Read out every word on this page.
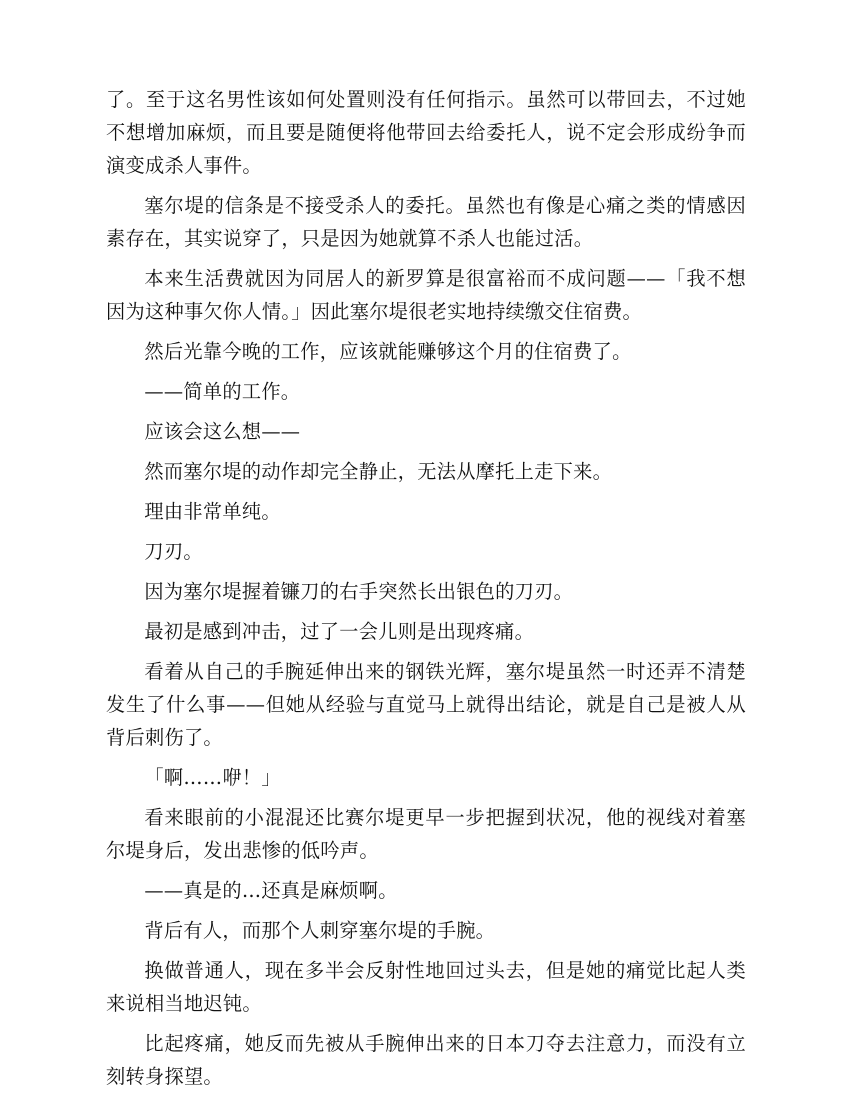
了。至于这名男性该如何处置则没有任何指示。虽然可以带回去，不过她不想增加麻烦，而且要是随便将他带回去给委托人，说不定会形成纷争而演变成杀人事件。

塞尔堤的信条是不接受杀人的委托。虽然也有像是心痛之类的情感因素存在，其实说穿了，只是因为她就算不杀人也能过活。

本来生活费就因为同居人的新罗算是很富裕而不成问题——「我不想因为这种事欠你人情。」因此塞尔堤很老实地持续缴交住宿费。

然后光靠今晚的工作，应该就能赚够这个月的住宿费了。

——简单的工作。

应该会这么想——

然而塞尔堤的动作却完全静止，无法从摩托上走下来。

理由非常单纯。

刀刃。

因为塞尔堤握着镰刀的右手突然长出银色的刀刃。

最初是感到冲击，过了一会儿则是出现疼痛。

看着从自己的手腕延伸出来的钢铁光辉，塞尔堤虽然一时还弄不清楚发生了什么事——但她从经验与直觉马上就得出结论，就是自己是被人从背后刺伤了。

「啊……咿！」

看来眼前的小混混还比赛尔堤更早一步把握到状况，他的视线对着塞尔堤身后，发出悲惨的低吟声。

——真是的…还真是麻烦啊。

背后有人，而那个人刺穿塞尔堤的手腕。

换做普通人，现在多半会反射性地回过头去，但是她的痛觉比起人类来说相当地迟钝。

比起疼痛，她反而先被从手腕伸出来的日本刀夺去注意力，而没有立刻转身探望。
